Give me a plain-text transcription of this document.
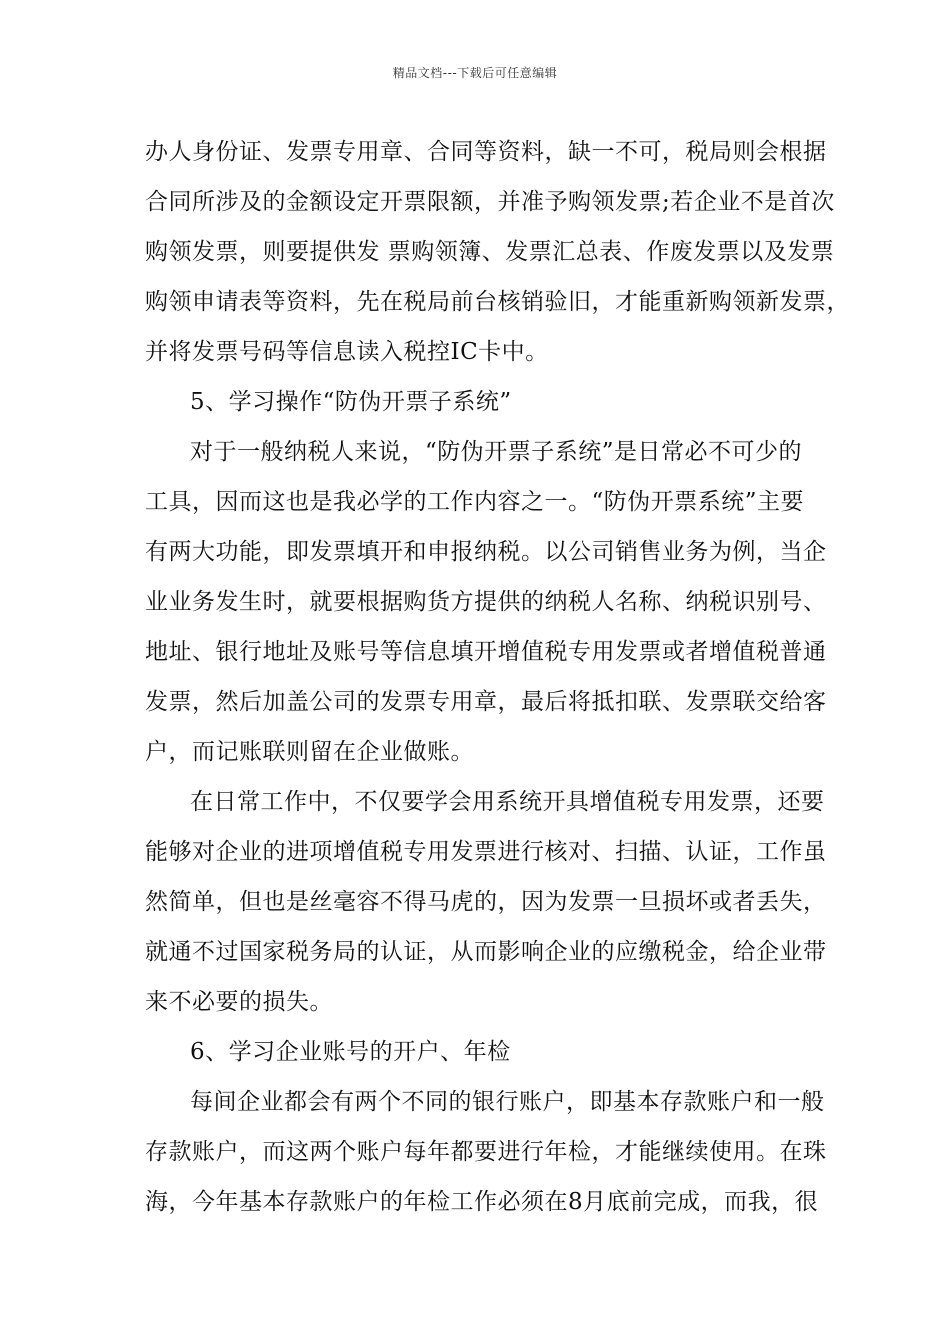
精品文档---下载后可任意编辑
办人身份证、发票专用章、合同等资料，缺一不可，税局则会根据
合同所涉及的金额设定开票限额，并准予购领发票;若企业不是首次
购领发票，则要提供发 票购领簿、发票汇总表、作废发票以及发票
购领申请表等资料，先在税局前台核销验旧，才能重新购领新发票，
并将发票号码等信息读入税控IC卡中。
5、学习操作“防伪开票子系统”
对于一般纳税人来说，“防伪开票子系统”是日常必不可少的
工具，因而这也是我必学的工作内容之一。“防伪开票系统”主要
有两大功能，即发票填开和申报纳税。以公司销售业务为例，当企
业业务发生时，就要根据购货方提供的纳税人名称、纳税识别号、
地址、银行地址及账号等信息填开增值税专用发票或者增值税普通
发票，然后加盖公司的发票专用章，最后将抵扣联、发票联交给客
户，而记账联则留在企业做账。
在日常工作中，不仅要学会用系统开具增值税专用发票，还要
能够对企业的进项增值税专用发票进行核对、扫描、认证，工作虽
然简单，但也是丝毫容不得马虎的，因为发票一旦损坏或者丢失，
就通不过国家税务局的认证，从而影响企业的应缴税金，给企业带
来不必要的损失。
6、学习企业账号的开户、年检
每间企业都会有两个不同的银行账户，即基本存款账户和一般
存款账户，而这两个账户每年都要进行年检，才能继续使用。在珠
海，今年基本存款账户的年检工作必须在8月底前完成，而我，很
